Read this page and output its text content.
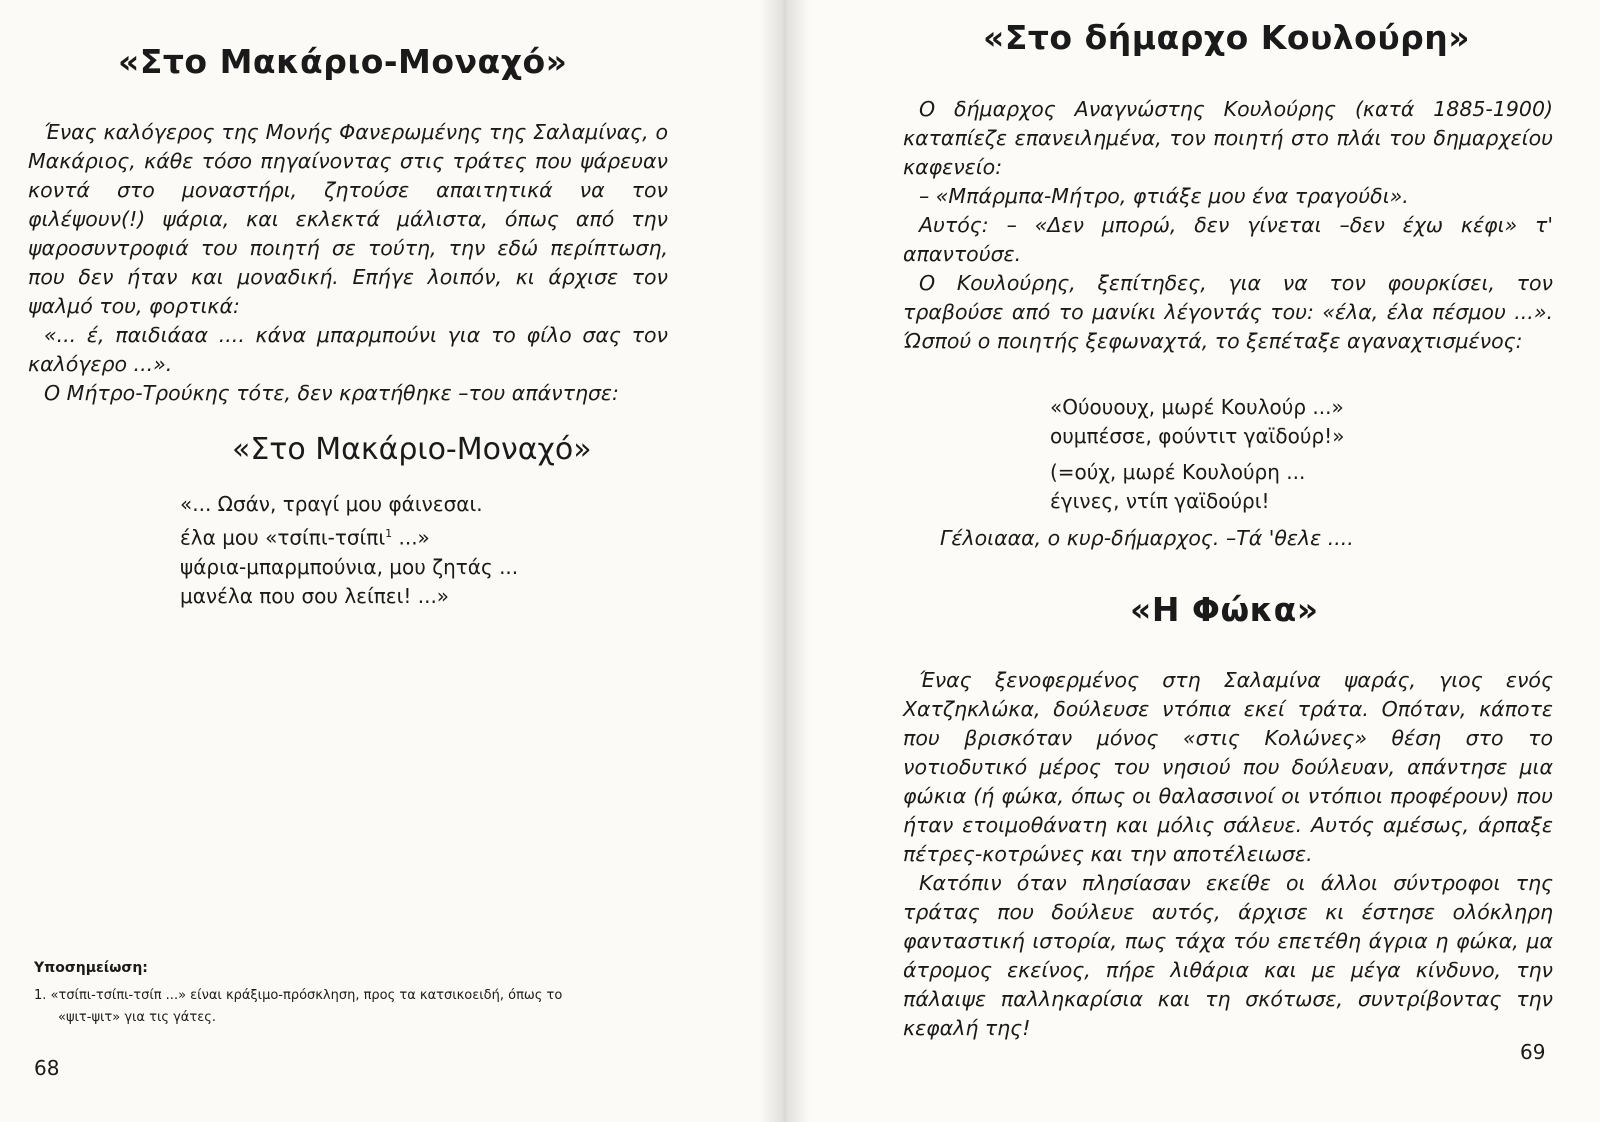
«Στο Μακάριο-Μοναχό»

Ένας καλόγερος της Μονής Φανερωμένης της Σαλαμίνας, ο Μακάριος, κάθε τόσο πηγαίνοντας στις τράτες που ψάρευαν κοντά στο μοναστήρι, ζητούσε απαιτητικά να τον φιλέψουν(!) ψάρια, και εκλεκτά μάλιστα, όπως από την ψαροσυντροφιά του ποιητή σε τούτη, την εδώ περίπτωση, που δεν ήταν και μοναδική. Επήγε λοιπόν, κι άρχισε τον ψαλμό του, φορτικά:

«... έ, παιδιάαα .... κάνα μπαρμπούνι για το φίλο σας τον καλόγερο ...».

Ο Μήτρο-Τρούκης τότε, δεν κρατήθηκε –του απάντησε:

«Στο Μακάριο-Μοναχό»
«... Ωσάν, τραγί μου φάινεσαι.
έλα μου «τσίπι-τσίπι$^1$ ...»
ψάρια-μπαρμπούνια, μου ζητάς ...
μανέλα που σου λείπει! ...»
Υποσημείωση:
1. «τσίπι-τσίπι-τσίπ ...» είναι κράξιμο-πρόσκληση, προς τα κατσικοειδή, όπως το
«ψιτ-ψιτ» για τις γάτες.
68
«Στο δήμαρχο Κουλούρη»

Ο δήμαρχος Αναγνώστης Κουλούρης (κατά 1885-1900) καταπίεζε επανειλημένα, τον ποιητή στο πλάι του δημαρχείου καφενείο:

– «Μπάρμπα-Μήτρο, φτιάξε μου ένα τραγούδι».

Αυτός: – «Δεν μπορώ, δεν γίνεται –δεν έχω κέφι» τ' απαντούσε.

Ο Κουλούρης, ξεπίτηδες, για να τον φουρκίσει, τον τραβούσε από το μανίκι λέγοντάς του: «έλα, έλα πέσμου ...». Ώσπού ο ποιητής ξεφωναχτά, το ξεπέταξε αγαναχτισμένος:

«Ούουουχ, μωρέ Κουλούρ ...»
ουμπέσσε, φούντιτ γαϊδούρ!»
(=ούχ, μωρέ Κουλούρη ...
έγινες, ντίπ γαϊδούρι!
Γέλοιααα, ο κυρ-δήμαρχος. –Τά 'θελε ....
«Η Φώκα»

Ένας ξενοφερμένος στη Σαλαμίνα ψαράς, γιος ενός Χατζηκλώκα, δούλευσε ντόπια εκεί τράτα. Οπόταν, κάποτε που βρισκόταν μόνος «στις Κολώνες» θέση στο το νοτιοδυτικό μέρος του νησιού που δούλευαν, απάντησε μια φώκια (ή φώκα, όπως οι θαλασσινοί οι ντόπιοι προφέρουν) που ήταν ετοιμοθάνατη και μόλις σάλευε. Αυτός αμέσως, άρπαξε πέτρες-κοτρώνες και την αποτέλειωσε.

Κατόπιν όταν πλησίασαν εκείθε οι άλλοι σύντροφοι της τράτας που δούλευε αυτός, άρχισε κι έστησε ολόκληρη φανταστική ιστορία, πως τάχα τόυ επετέθη άγρια η φώκα, μα άτρομος εκείνος, πήρε λιθάρια και με μέγα κίνδυνο, την πάλαιψε παλληκαρίσια και τη σκότωσε, συντρίβοντας την κεφαλή της!

69
